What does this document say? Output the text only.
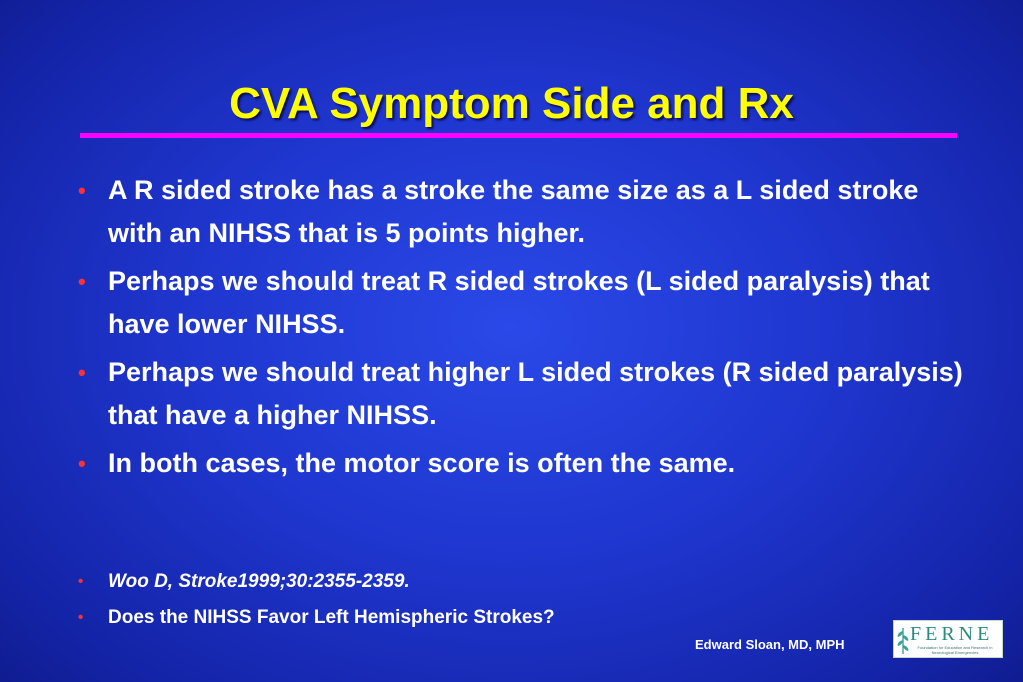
CVA Symptom Side and Rx
• A R sided stroke has a stroke the same size as a L sided stroke with an NIHSS that is 5 points higher.
• Perhaps we should treat R sided strokes (L sided paralysis) that have lower NIHSS.
• Perhaps we should treat higher L sided strokes (R sided paralysis) that have a higher NIHSS.
• In both cases, the motor score is often the same.
• Woo D, Stroke1999;30:2355-2359.
• Does the NIHSS Favor Left Hemispheric Strokes?
Edward Sloan, MD, MPH	FERNE
Foundation for Education and Research in Neurological Emergencies
